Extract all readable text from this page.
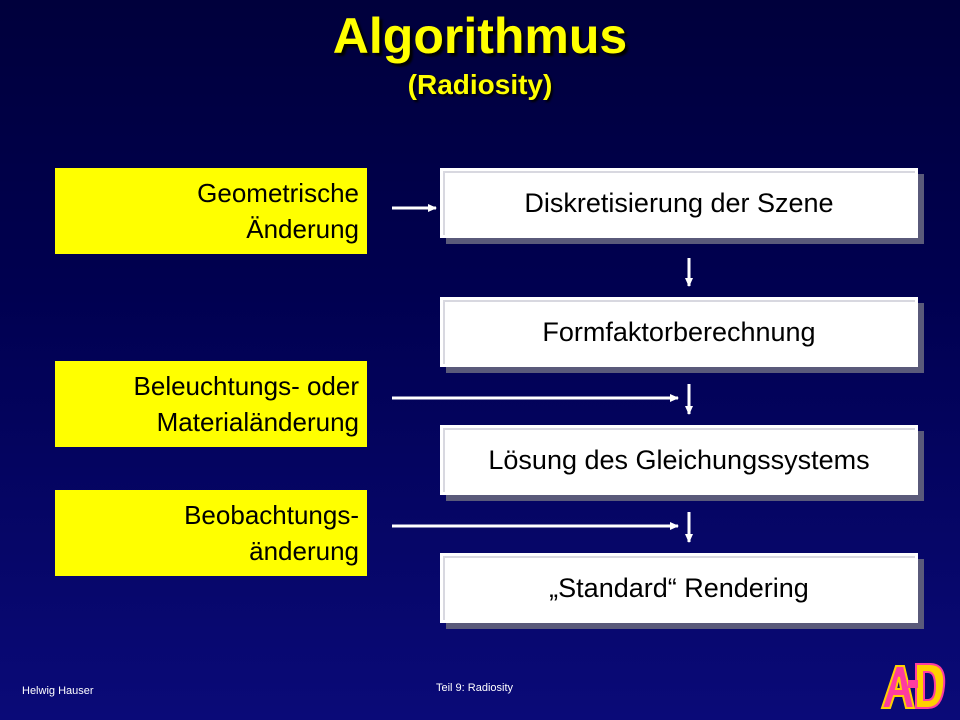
Algorithmus
(Radiosity)
Geometrische
Änderung
Beleuchtungs- oder
Materialänderung
Beobachtungs-
änderung
Diskretisierung der Szene
Formfaktorberechnung
Lösung des Gleichungssystems
„Standard“ Rendering
Helwig Hauser	Teil 9: Radiosity
